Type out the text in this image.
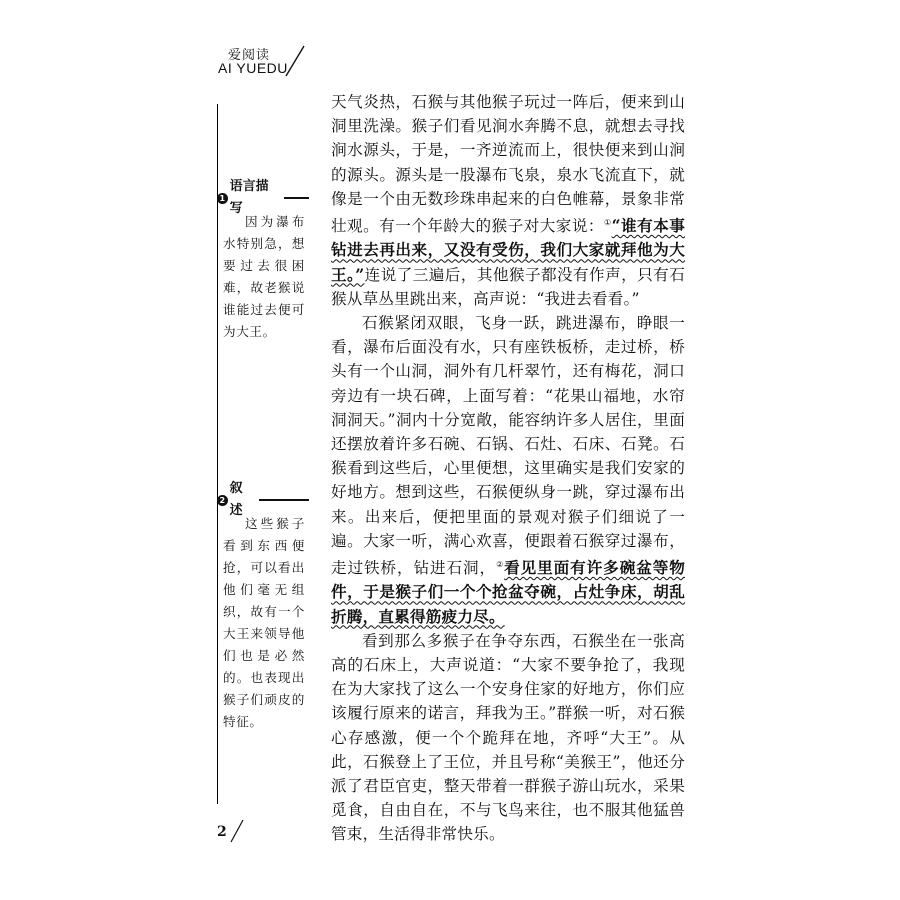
爱阅读
AI YUEDU
1
语言描写
因为瀑布水特别急，想要过去很困难，故老猴说谁能过去便可为大王。
2
叙述
这些猴子看到东西便抢，可以看出他们毫无组织，故有一个大王来领导他们也是必然的。也表现出猴子们顽皮的特征。

天气炎热，石猴与其他猴子玩过一阵后，便来到山洞里洗澡。猴子们看见涧水奔腾不息，就想去寻找涧水源头，于是，一齐逆流而上，很快便来到山涧的源头。源头是一股瀑布飞泉，泉水飞流直下，就像是一个由无数珍珠串起来的白色帷幕，景象非常壮观。有一个年龄大的猴子对大家说：①“谁有本事钻进去再出来，又没有受伤，我们大家就拜他为大王。”连说了三遍后，其他猴子都没有作声，只有石猴从草丛里跳出来，高声说：“我进去看看。”

石猴紧闭双眼，飞身一跃，跳进瀑布，睁眼一看，瀑布后面没有水，只有座铁板桥，走过桥，桥头有一个山洞，洞外有几杆翠竹，还有梅花，洞口旁边有一块石碑，上面写着：“花果山福地，水帘洞洞天。”洞内十分宽敞，能容纳许多人居住，里面还摆放着许多石碗、石锅、石灶、石床、石凳。石猴看到这些后，心里便想，这里确实是我们安家的好地方。想到这些，石猴便纵身一跳，穿过瀑布出来。出来后，便把里面的景观对猴子们细说了一遍。大家一听，满心欢喜，便跟着石猴穿过瀑布，走过铁桥，钻进石洞，②看见里面有许多碗盆等物件，于是猴子们一个个抢盆夺碗，占灶争床，胡乱折腾，直累得筋疲力尽。

看到那么多猴子在争夺东西，石猴坐在一张高高的石床上，大声说道：“大家不要争抢了，我现在为大家找了这么一个安身住家的好地方，你们应该履行原来的诺言，拜我为王。”群猴一听，对石猴心存感激，便一个个跪拜在地，齐呼“大王”。从此，石猴登上了王位，并且号称“美猴王”，他还分派了君臣官吏，整天带着一群猴子游山玩水，采果觅食，自由自在，不与飞鸟来往，也不服其他猛兽管束，生活得非常快乐。

2
